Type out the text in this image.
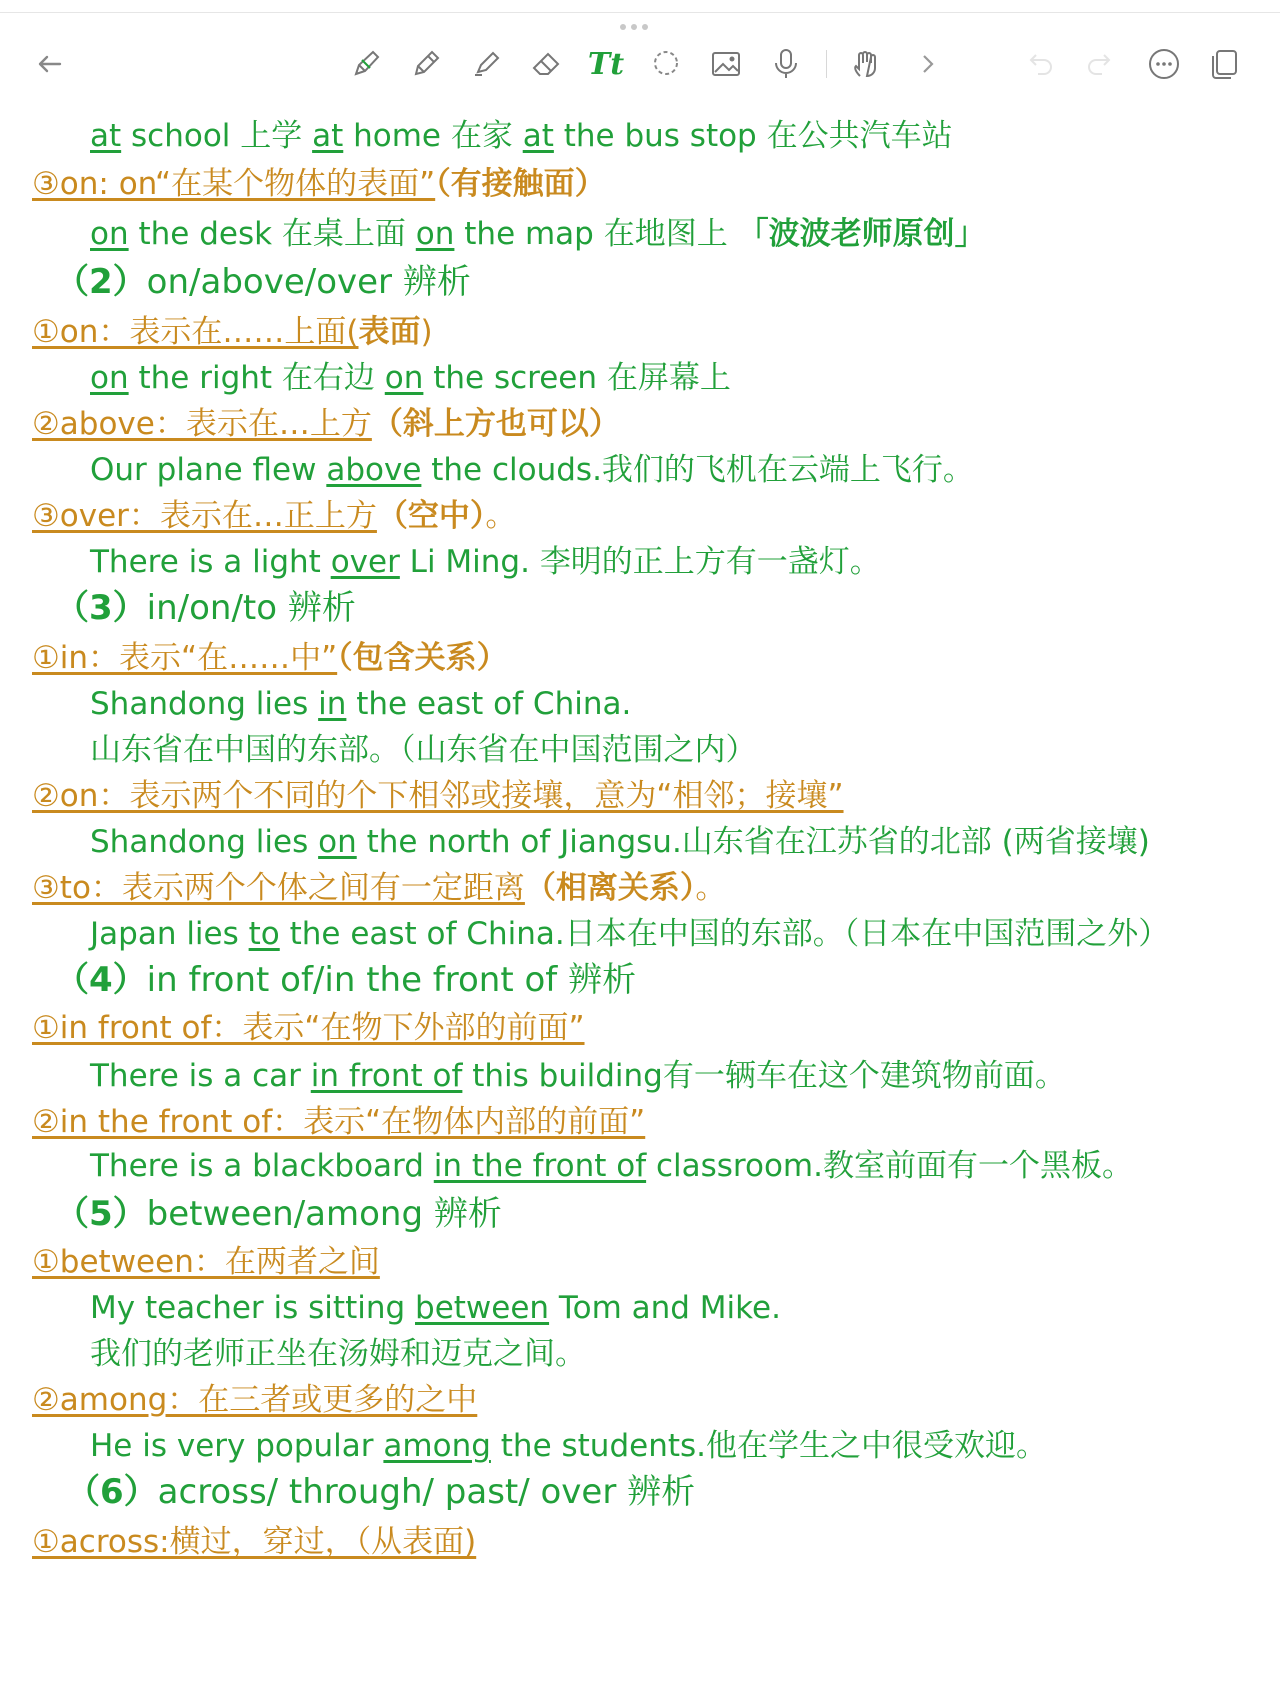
Tt
at school 上学 at home 在家 at the bus stop 在公共汽车站
③on: on“在某个物体的表面”（有接触面）
on the desk 在桌上面 on the map 在地图上 「波波老师原创」
（2）on/above/over 辨析
①on：表示在……上面(表面)
on the right 在右边 on the screen 在屏幕上
②above：表示在…上方（斜上方也可以）
Our plane flew above the clouds.我们的飞机在云端上飞行。
③over：表示在…正上方（空中）。
There is a light over Li Ming. 李明的正上方有一盏灯。
（3）in/on/to 辨析
①in：表示“在……中”（包含关系）
Shandong lies in the east of China.
山东省在中国的东部。（山东省在中国范围之内）
②on：表示两个不同的个下相邻或接壤，意为“相邻；接壤”
Shandong lies on the north of Jiangsu.山东省在江苏省的北部 (两省接壤)
③to：表示两个个体之间有一定距离（相离关系）。
Japan lies to the east of China.日本在中国的东部。（日本在中国范围之外）
（4）in front of/in the front of 辨析
①in front of：表示“在物下外部的前面”
There is a car in front of this building有一辆车在这个建筑物前面。
②in the front of：表示“在物体内部的前面”
There is a blackboard in the front of classroom.教室前面有一个黑板。
（5）between/among 辨析
①between：在两者之间
My teacher is sitting between Tom and Mike.
我们的老师正坐在汤姆和迈克之间。
②among：在三者或更多的之中
He is very popular among the students.他在学生之中很受欢迎。
（6）across/ through/ past/ over 辨析
①across:横过，穿过，（从表面)
